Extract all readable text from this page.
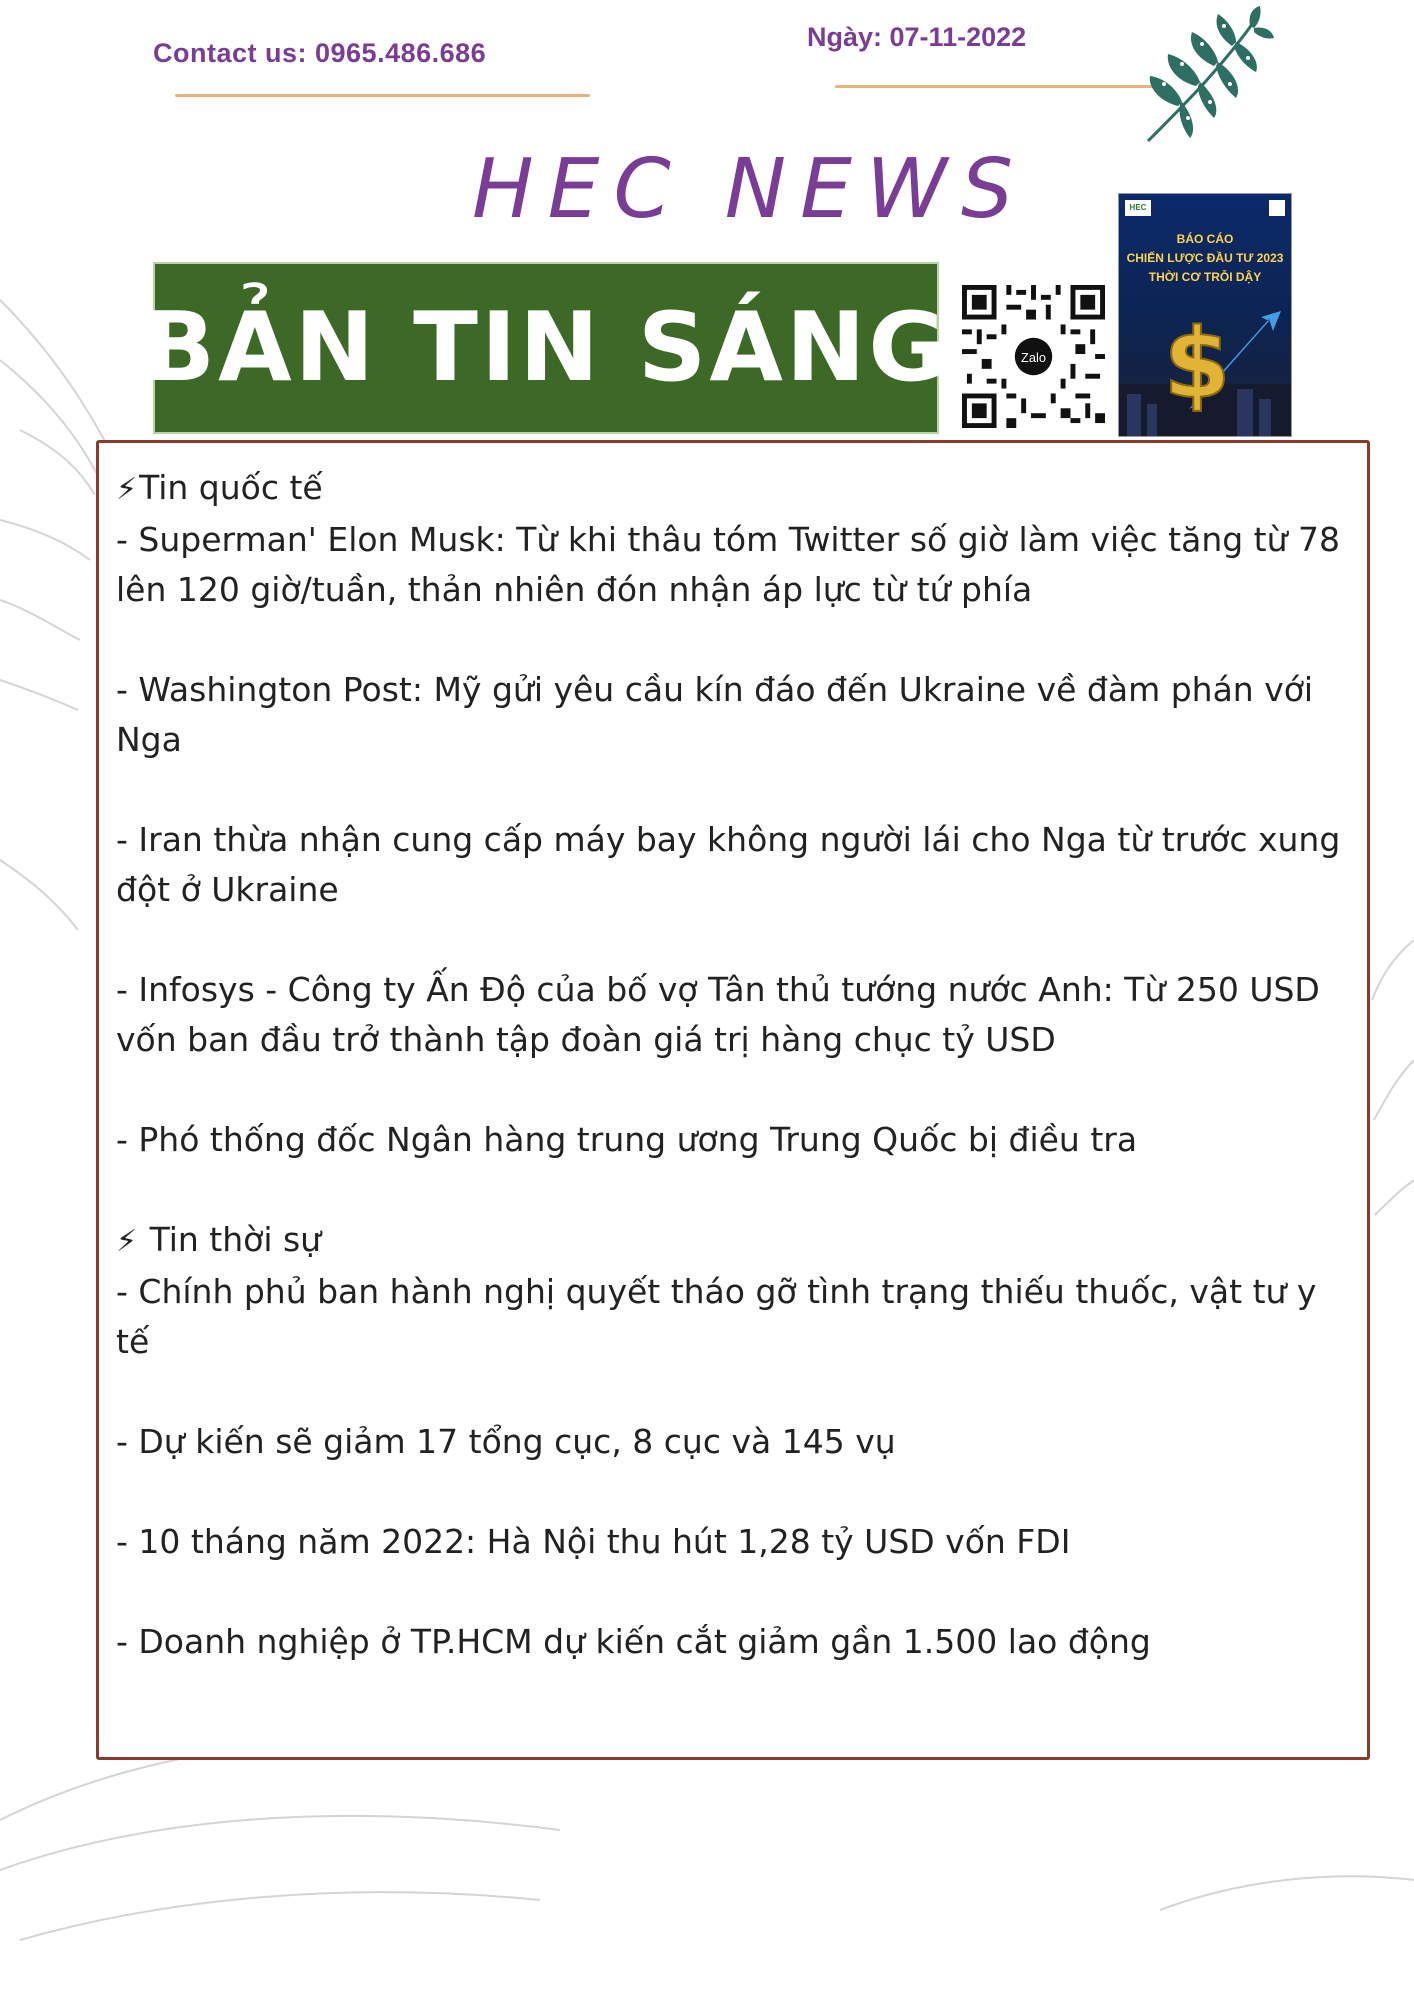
Contact us: 0965.486.686
Ngày: 07-11-2022
HEC NEWS
BẢN TIN SÁNG	Zalo
HEC
BÁO CÁO
CHIẾN LƯỢC ĐẦU TƯ 2023
THỜI CƠ TRỖI DẬY
$
⚡Tin quốc tế
- Superman' Elon Musk: Từ khi thâu tóm Twitter số giờ làm việc tăng từ 78 lên 120 giờ/tuần, thản nhiên đón nhận áp lực từ tứ phía
- Washington Post: Mỹ gửi yêu cầu kín đáo đến Ukraine về đàm phán với Nga
- Iran thừa nhận cung cấp máy bay không người lái cho Nga từ trước xung đột ở Ukraine
- Infosys - Công ty Ấn Độ của bố vợ Tân thủ tướng nước Anh: Từ 250 USD vốn ban đầu trở thành tập đoàn giá trị hàng chục tỷ USD
- Phó thống đốc Ngân hàng trung ương Trung Quốc bị điều tra
⚡ Tin thời sự
- Chính phủ ban hành nghị quyết tháo gỡ tình trạng thiếu thuốc, vật tư y tế
- Dự kiến sẽ giảm 17 tổng cục, 8 cục và 145 vụ
- 10 tháng năm 2022: Hà Nội thu hút 1,28 tỷ USD vốn FDI
- Doanh nghiệp ở TP.HCM dự kiến cắt giảm gần 1.500 lao động
